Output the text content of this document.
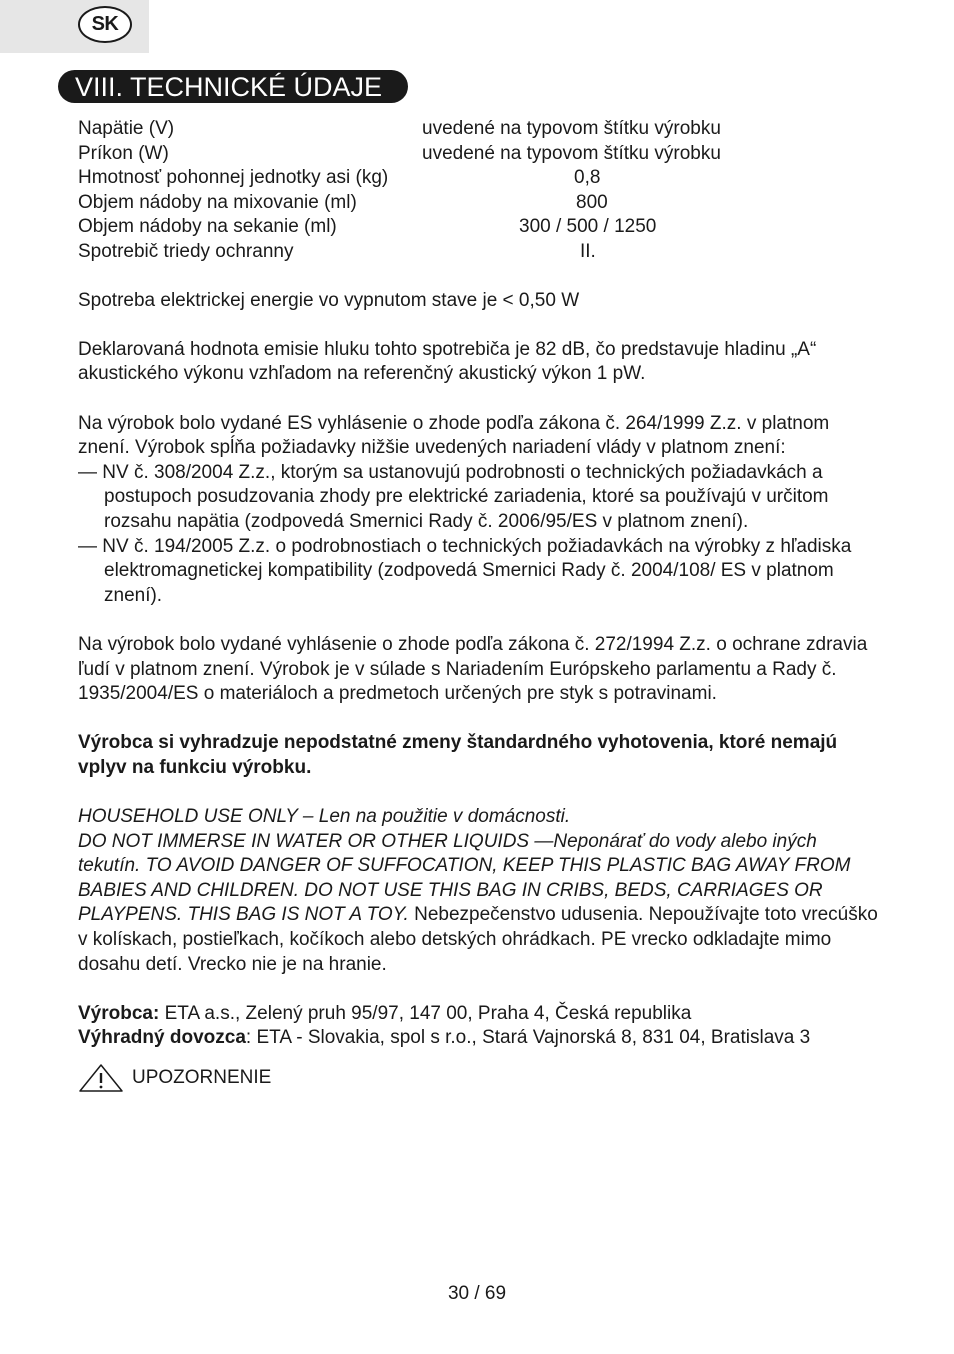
SK
VIII. TECHNICKÉ ÚDAJE
Napätie (V)	uvedené na typovom štítku výrobku
Príkon (W)	uvedené na typovom štítku výrobku
Hmotnosť pohonnej jednotky asi (kg)	0,8
Objem nádoby na mixovanie (ml)	800
Objem nádoby na sekanie (ml)	300 / 500 / 1250
Spotrebič triedy ochranny	II.

Spotreba elektrickej energie vo vypnutom stave je < 0,50 W

Deklarovaná hodnota emisie hluku tohto spotrebiča je 82 dB, čo predstavuje hladinu „A“ akustického výkonu vzhľadom na referenčný akustický výkon 1 pW.

Na výrobok bolo vydané ES vyhlásenie o zhode podľa zákona č. 264/1999 Z.z. v platnom znení. Výrobok spĺňa požiadavky nižšie uvedených nariadení vlády v platnom znení:

— NV č. 308/2004 Z.z., ktorým sa ustanovujú podrobnosti o technických požiadavkách a postupoch posudzovania zhody pre elektrické zariadenia, ktoré sa používajú v určitom rozsahu napätia (zodpovedá Smernici Rady č. 2006/95/ES v platnom znení).

— NV č. 194/2005 Z.z. o podrobnostiach o technických požiadavkách na výrobky z hľadiska elektromagnetickej kompatibility (zodpovedá Smernici Rady č. 2004/108/ ES v platnom znení).

Na výrobok bolo vydané vyhlásenie o zhode podľa zákona č. 272/1994 Z.z. o ochrane zdravia ľudí v platnom znení. Výrobok je v súlade s Nariadením Európskeho parlamentu a Rady č. 1935/2004/ES o materiáloch a predmetoch určených pre styk s potravinami.

Výrobca si vyhradzuje nepodstatné zmeny štandardného vyhotovenia, ktoré nemajú vplyv na funkciu výrobku.

HOUSEHOLD USE ONLY – Len na použitie v domácnosti.

DO NOT IMMERSE IN WATER OR OTHER LIQUIDS —Neponárať do vody alebo iných tekutín. TO AVOID DANGER OF SUFFOCATION, KEEP THIS PLASTIC BAG AWAY FROM BABIES AND CHILDREN. DO NOT USE THIS BAG IN CRIBS, BEDS, CARRIAGES OR PLAYPENS. THIS BAG IS NOT A TOY. Nebezpečenstvo udusenia. Nepoužívajte toto vrecúško v kolískach, postieľkach, kočíkoch alebo detských ohrádkach. PE vrecko odkladajte mimo dosahu detí. Vrecko nie je na hranie.

Výrobca: ETA a.s., Zelený pruh 95/97, 147 00, Praha 4, Česká republika

Výhradný dovozca: ETA - Slovakia, spol s r.o., Stará Vajnorská 8, 831 04, Bratislava 3

UPOZORNENIE
30 / 69
